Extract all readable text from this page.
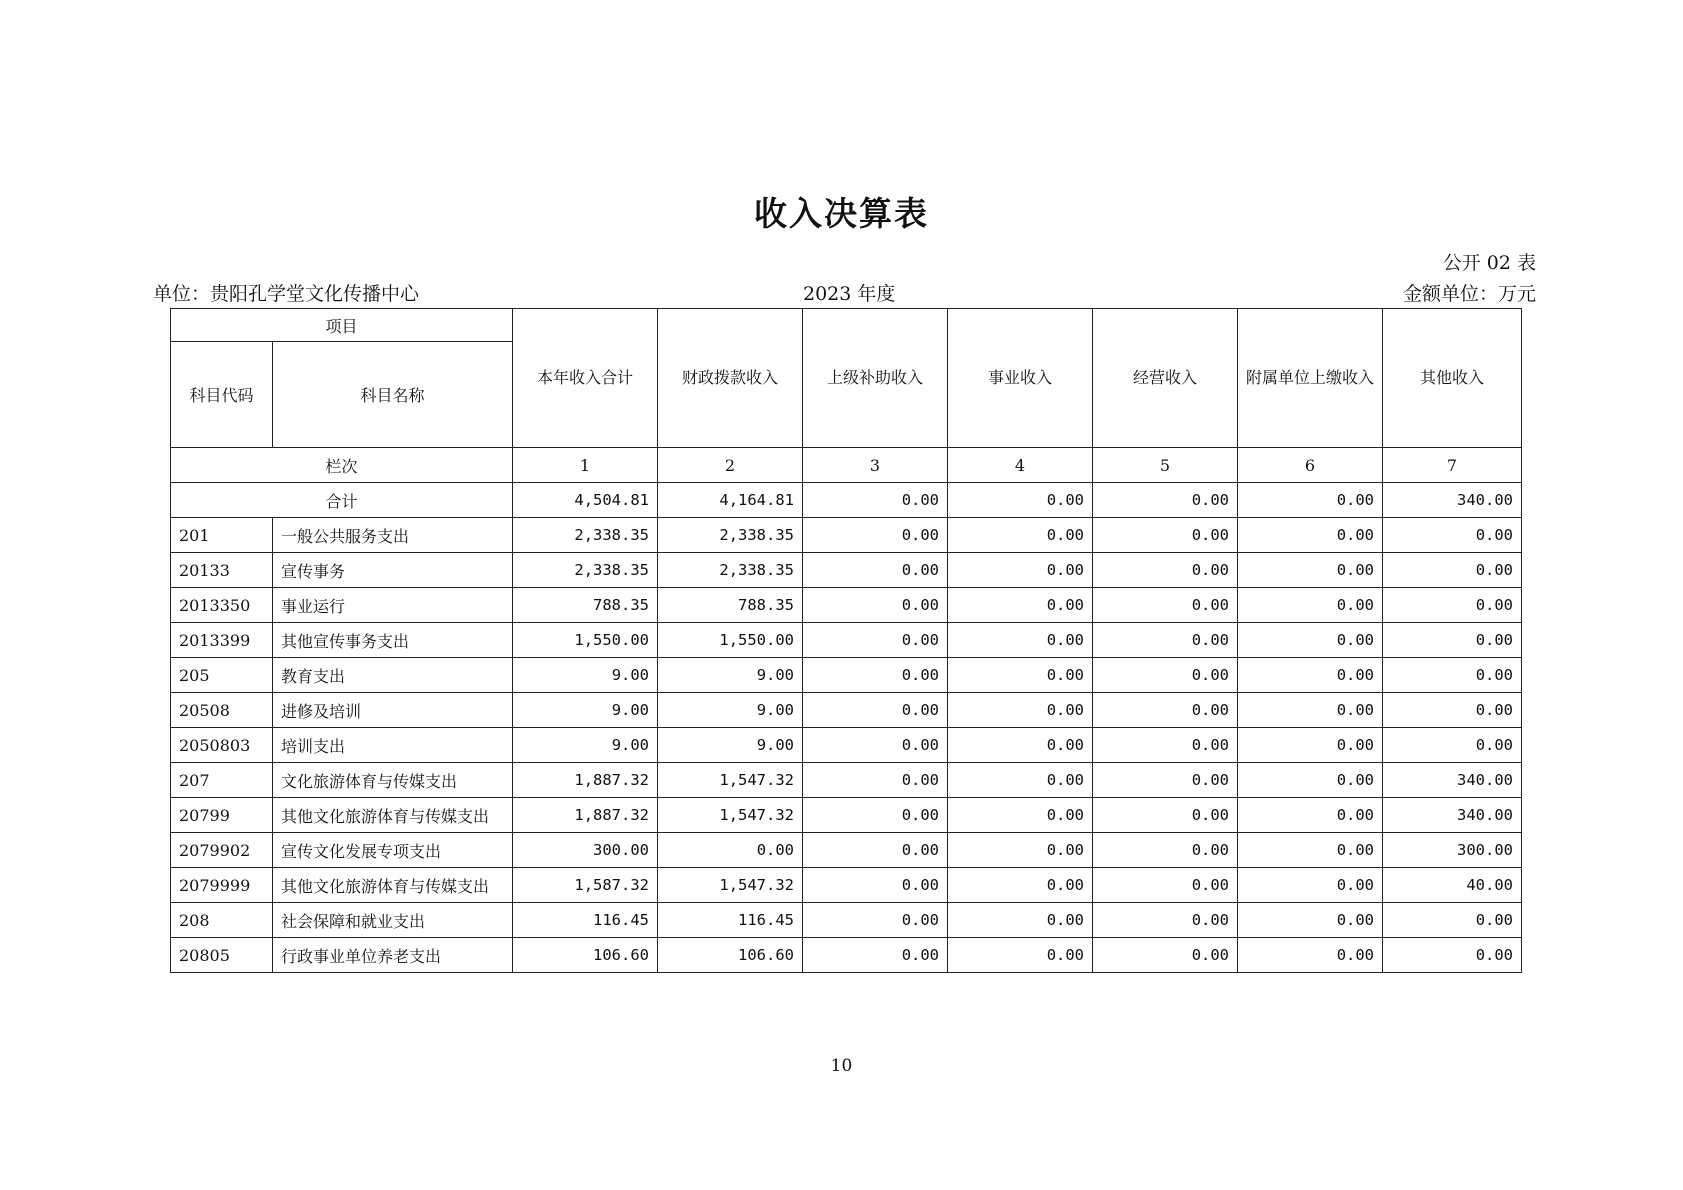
收入决算表
公开 02 表
单位：贵阳孔学堂文化传播中心	2023 年度	金额单位：万元
项目		本年收入合计	财政拨款收入	上级补助收入	事业收入	经营收入	附属单位上缴收入	其他收入
科目代码	科目名称							
栏次		1	2	3	4	5	6	7
合计		4,504.81	4,164.81	0.00	0.00	0.00	0.00	340.00
201	一般公共服务支出	2,338.35	2,338.35	0.00	0.00	0.00	0.00	0.00
20133	宣传事务	2,338.35	2,338.35	0.00	0.00	0.00	0.00	0.00
2013350	事业运行	788.35	788.35	0.00	0.00	0.00	0.00	0.00
2013399	其他宣传事务支出	1,550.00	1,550.00	0.00	0.00	0.00	0.00	0.00
205	教育支出	9.00	9.00	0.00	0.00	0.00	0.00	0.00
20508	进修及培训	9.00	9.00	0.00	0.00	0.00	0.00	0.00
2050803	培训支出	9.00	9.00	0.00	0.00	0.00	0.00	0.00
207	文化旅游体育与传媒支出	1,887.32	1,547.32	0.00	0.00	0.00	0.00	340.00
20799	其他文化旅游体育与传媒支出	1,887.32	1,547.32	0.00	0.00	0.00	0.00	340.00
2079902	宣传文化发展专项支出	300.00	0.00	0.00	0.00	0.00	0.00	300.00
2079999	其他文化旅游体育与传媒支出	1,587.32	1,547.32	0.00	0.00	0.00	0.00	40.00
208	社会保障和就业支出	116.45	116.45	0.00	0.00	0.00	0.00	0.00
20805	行政事业单位养老支出	106.60	106.60	0.00	0.00	0.00	0.00	0.00
10
